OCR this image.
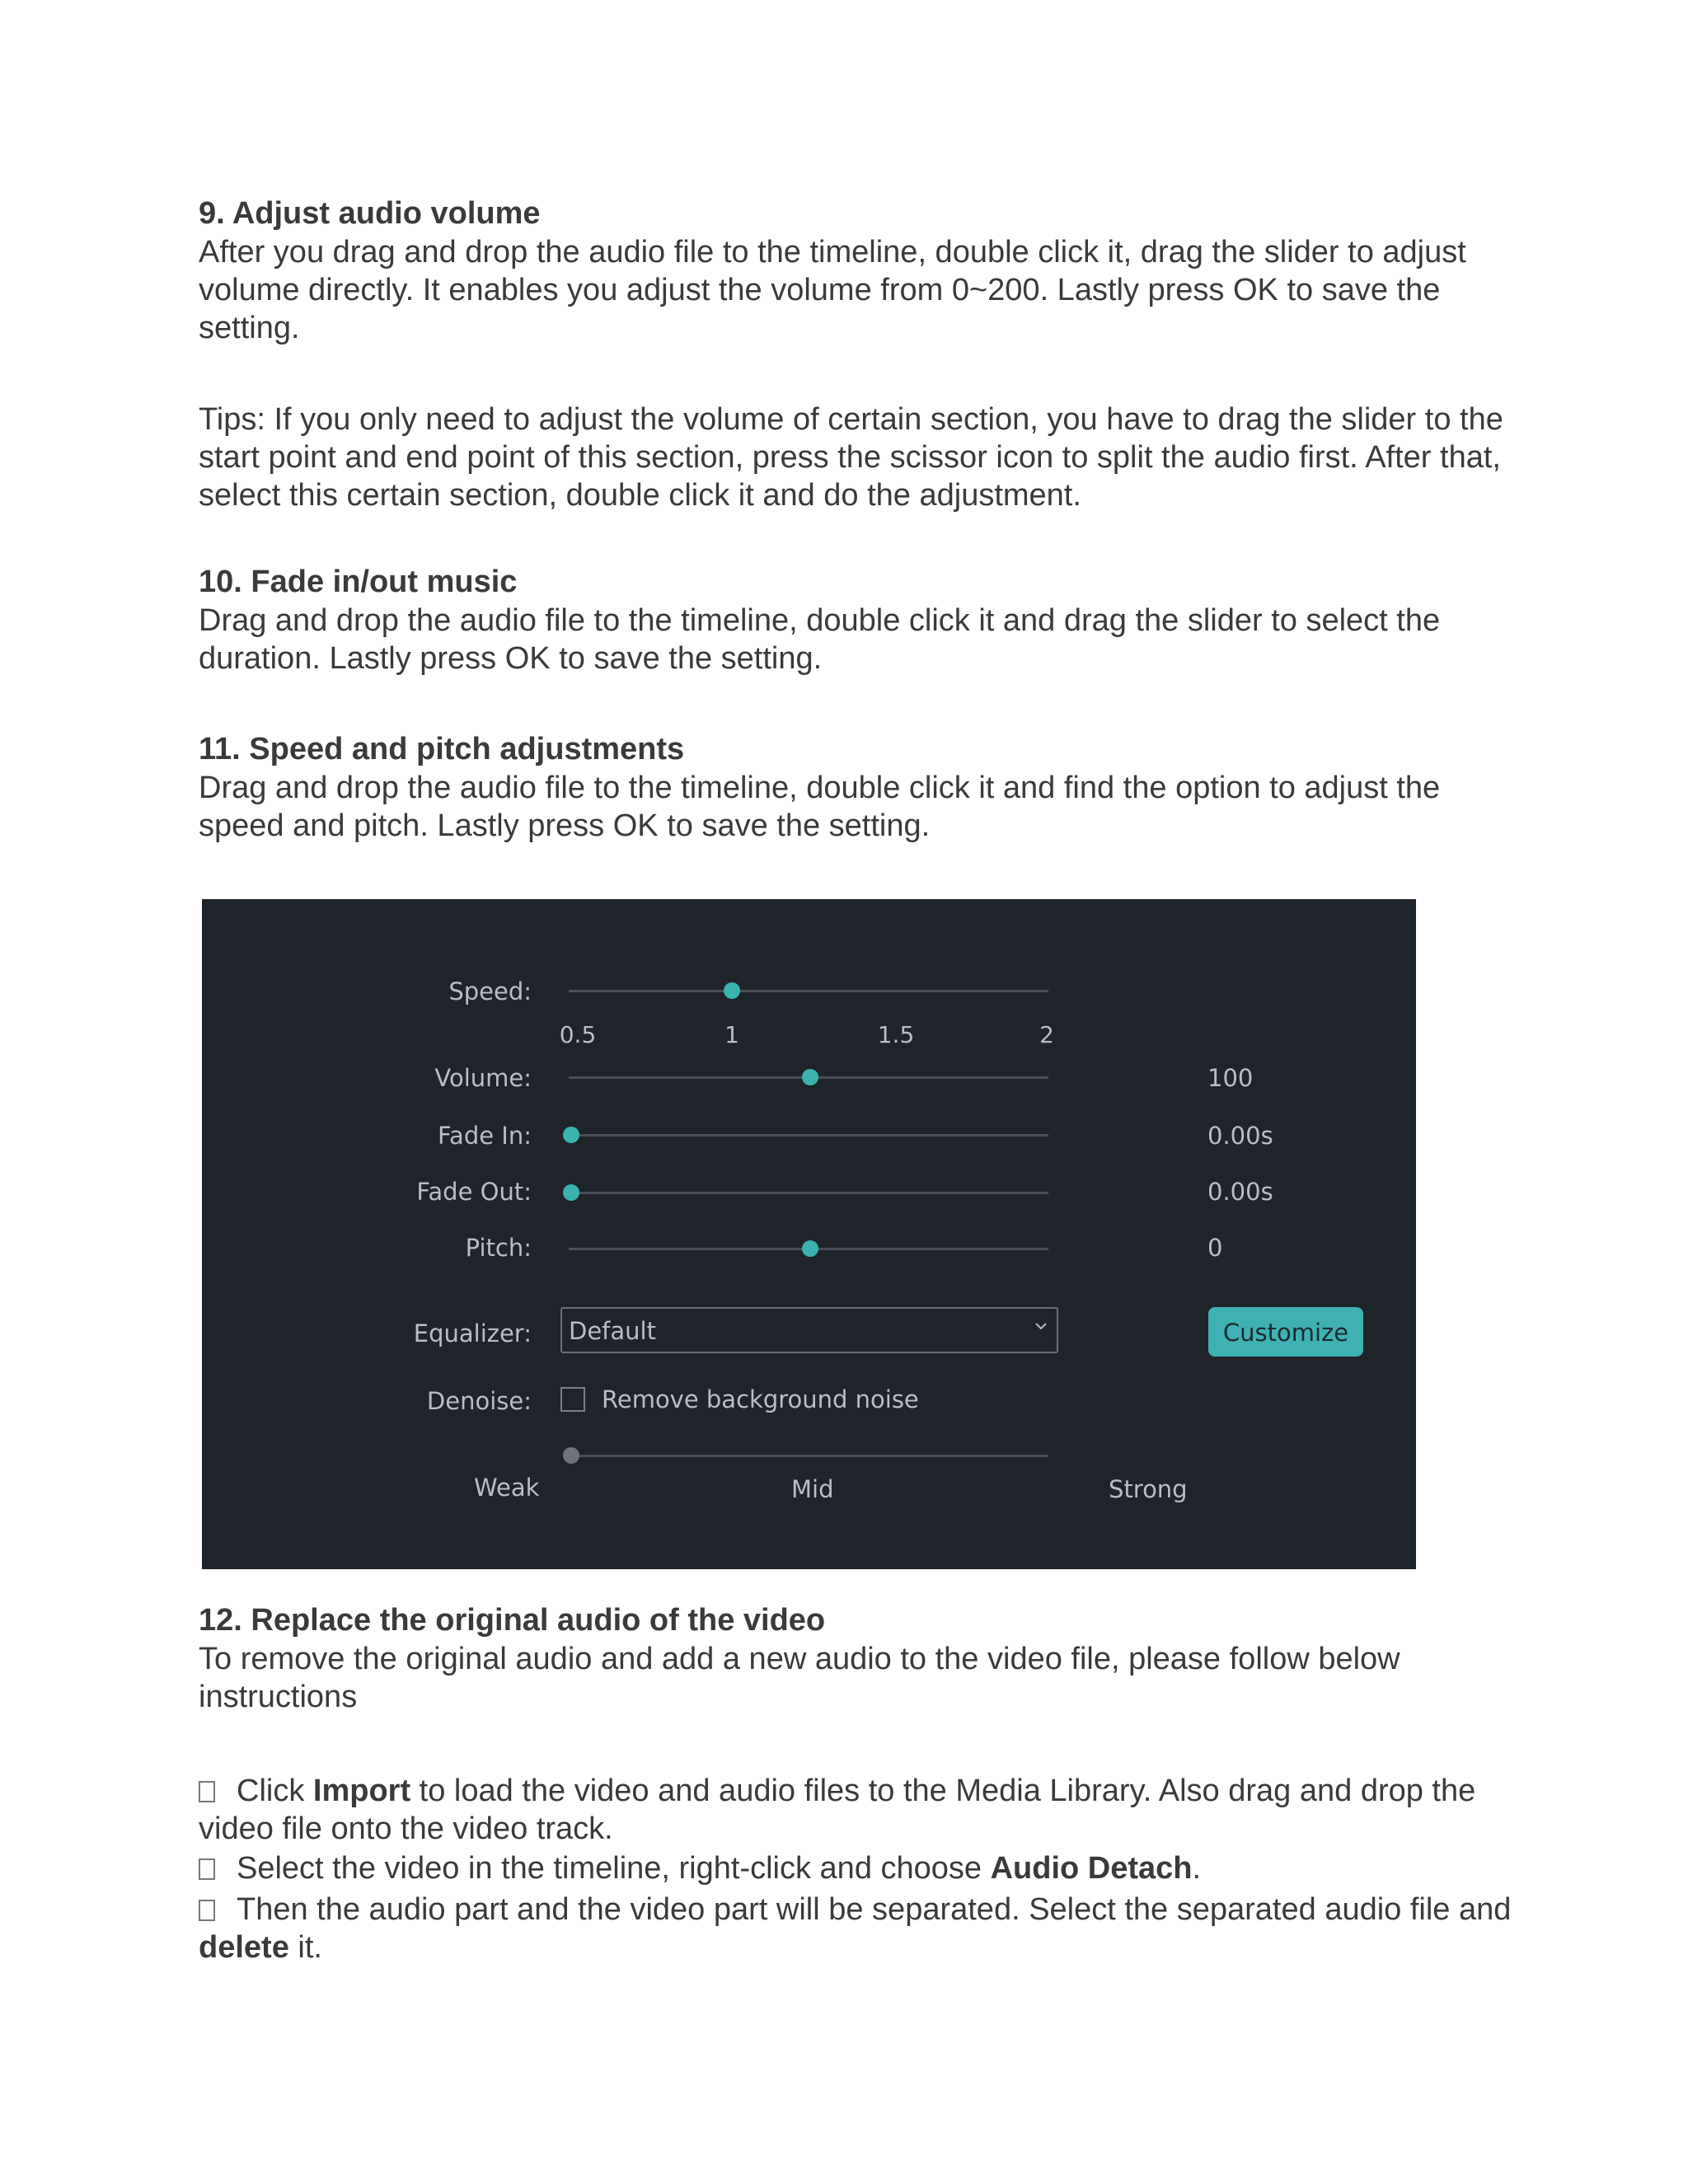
9. Adjust audio volume

After you drag and drop the audio file to the timeline, double click it, drag the slider to adjust volume directly. It enables you adjust the volume from 0~200. Lastly press OK to save the setting.

Tips: If you only need to adjust the volume of certain section, you have to drag the slider to the start point and end point of this section, press the scissor icon to split the audio first. After that, select this certain section, double click it and do the adjustment.

10. Fade in/out music

Drag and drop the audio file to the timeline, double click it and drag the slider to select the duration. Lastly press OK to save the setting.

11. Speed and pitch adjustments

Drag and drop the audio file to the timeline, double click it and find the option to adjust the speed and pitch. Lastly press OK to save the setting.

Speed:
0.5	1	1.5	2
Volume:	100
Fade In:	0.00s
Fade Out:	0.00s
Pitch:	0
Equalizer: Default	Customize
Denoise:	Remove background noise
Weak	Mid	Strong

12. Replace the original audio of the video

To remove the original audio and add a new audio to the video file, please follow below instructions

Click Import to load the video and audio files to the Media Library. Also drag and drop the video file onto the video track.

Select the video in the timeline, right-click and choose Audio Detach.

Then the audio part and the video part will be separated. Select the separated audio file and delete it.
